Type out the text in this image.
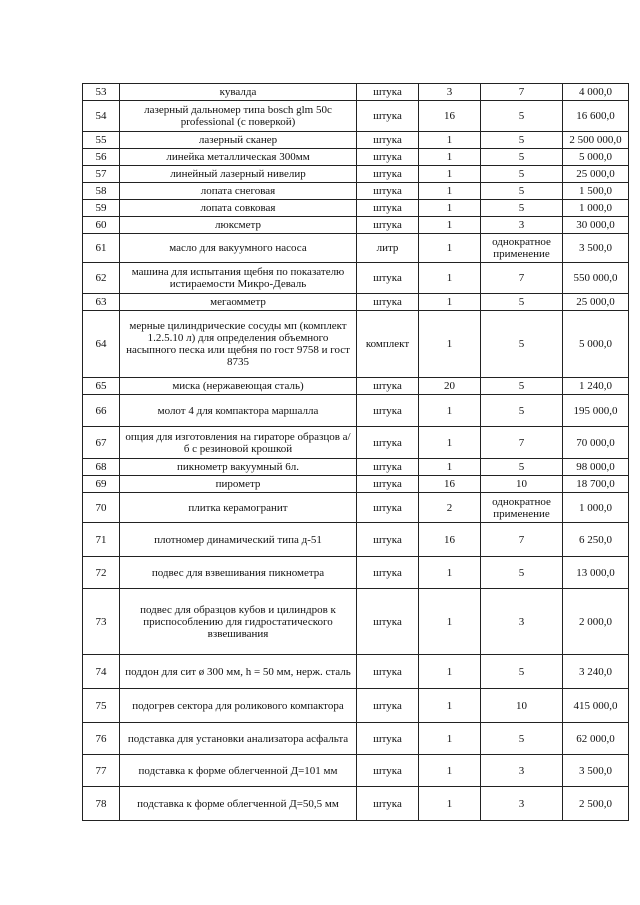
53	кувалда	штука	3	7	4 000,0
54	лазерный дальномер типа bosch glm 50с professional (с поверкой)	штука	16	5	16 600,0
55	лазерный сканер	штука	1	5	2 500 000,0
56	линейка металлическая 300мм	штука	1	5	5 000,0
57	линейный лазерный нивелир	штука	1	5	25 000,0
58	лопата снеговая	штука	1	5	1 500,0
59	лопата совковая	штука	1	5	1 000,0
60	люксметр	штука	1	3	30 000,0
61	масло для вакуумного насоса	литр	1	однократное применение	3 500,0
62	машина для испытания щебня по показателю истираемости Микро-Деваль	штука	1	7	550 000,0
63	мегаомметр	штука	1	5	25 000,0
64	мерные цилиндрические сосуды мп (комплект 1.2.5.10 л) для определения объемного насыпного песка или щебня по гост 9758 и гост 8735	комплект	1	5	5 000,0
65	миска (нержавеющая сталь)	штука	20	5	1 240,0
66	молот 4 для компактора маршалла	штука	1	5	195 000,0
67	опция для изготовления на гираторе образцов а/б с резиновой крошкой	штука	1	7	70 000,0
68	пикнометр вакуумный 6л.	штука	1	5	98 000,0
69	пирометр	штука	16	10	18 700,0
70	плитка керамогранит	штука	2	однократное применение	1 000,0
71	плотномер динамический типа д-51	штука	16	7	6 250,0
72	подвес для взвешивания пикнометра	штука	1	5	13 000,0
73	подвес для образцов кубов и цилиндров к приспособлению для гидростатического взвешивания	штука	1	3	2 000,0
74	поддон для сит ø 300 мм, h = 50 мм, нерж. сталь	штука	1	5	3 240,0
75	подогрев сектора для роликового компактора	штука	1	10	415 000,0
76	подставка для установки анализатора асфальта	штука	1	5	62 000,0
77	подставка к форме облегченной Д=101 мм	штука	1	3	3 500,0
78	подставка к форме облегченной Д=50,5 мм	штука	1	3	2 500,0
